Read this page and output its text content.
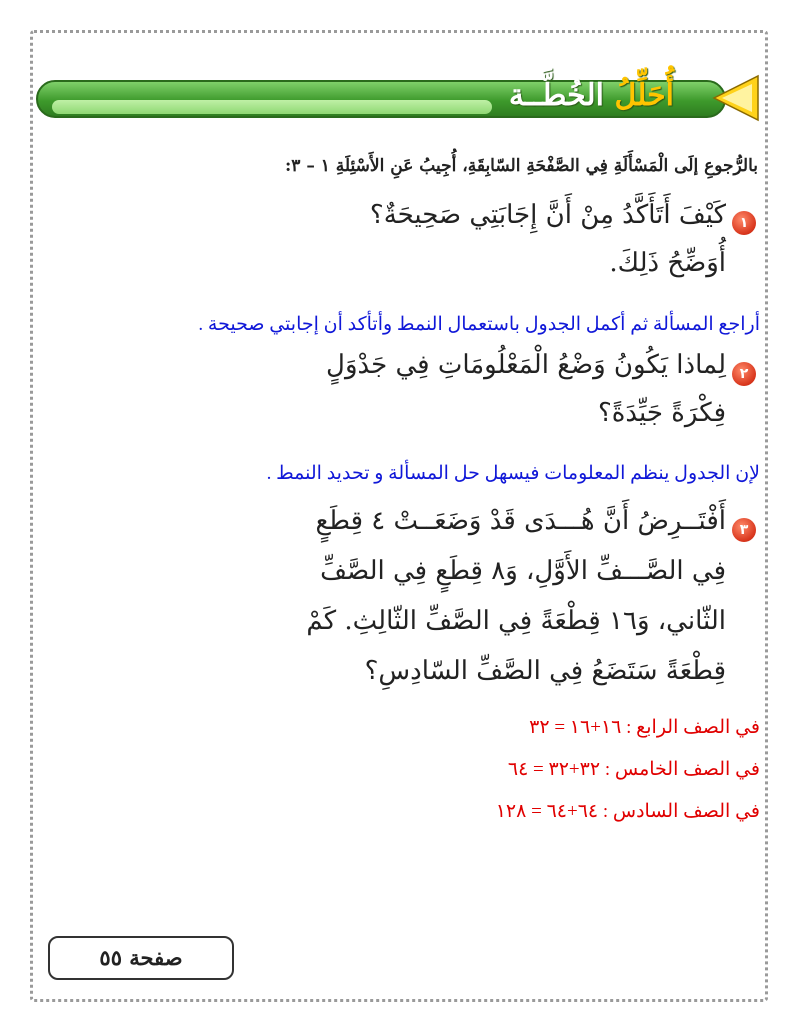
أُحَلِّلُ الخُطَّــة
بالرُّجوعِ إلَى الْمَسْأَلَةِ فِي الصَّفْحَةِ السّابِقَةِ، أُجِيبُ عَنِ الأَسْئِلَةِ ١ – ٣:
١
كَيْفَ أَتَأَكَّدُ مِنْ أَنَّ إِجَابَتِي صَحِيحَةٌ؟
أُوَضِّحُ ذَلِكَ.
أراجع المسألة ثم أكمل الجدول باستعمال النمط وأتأكد أن إجابتي صحيحة .
٢
لِماذا يَكُونُ وَضْعُ الْمَعْلُومَاتِ فِي جَدْوَلٍ
فِكْرَةً جَيِّدَةً؟
لإن الجدول ينظم المعلومات فيسهل حل المسألة و تحديد النمط .
٣
أَفْتَــرِضُ أَنَّ هُـــدَى قَدْ وَضَعَــتْ ٤ قِطَعٍ
فِي الصَّـــفِّ الأَوَّلِ، وَ٨ قِطَعٍ فِي الصَّفِّ
الثّاني، وَ١٦ قِطْعَةً فِي الصَّفِّ الثّالِثِ. كَمْ
قِطْعَةً سَتَضَعُ فِي الصَّفِّ السّادِسِ؟
في الصف الرابع : ١٦+١٦ = ٣٢
في الصف الخامس : ٣٢+٣٢ = ٦٤
في الصف السادس : ٦٤+٦٤ = ١٢٨
صفحة ٥٥
